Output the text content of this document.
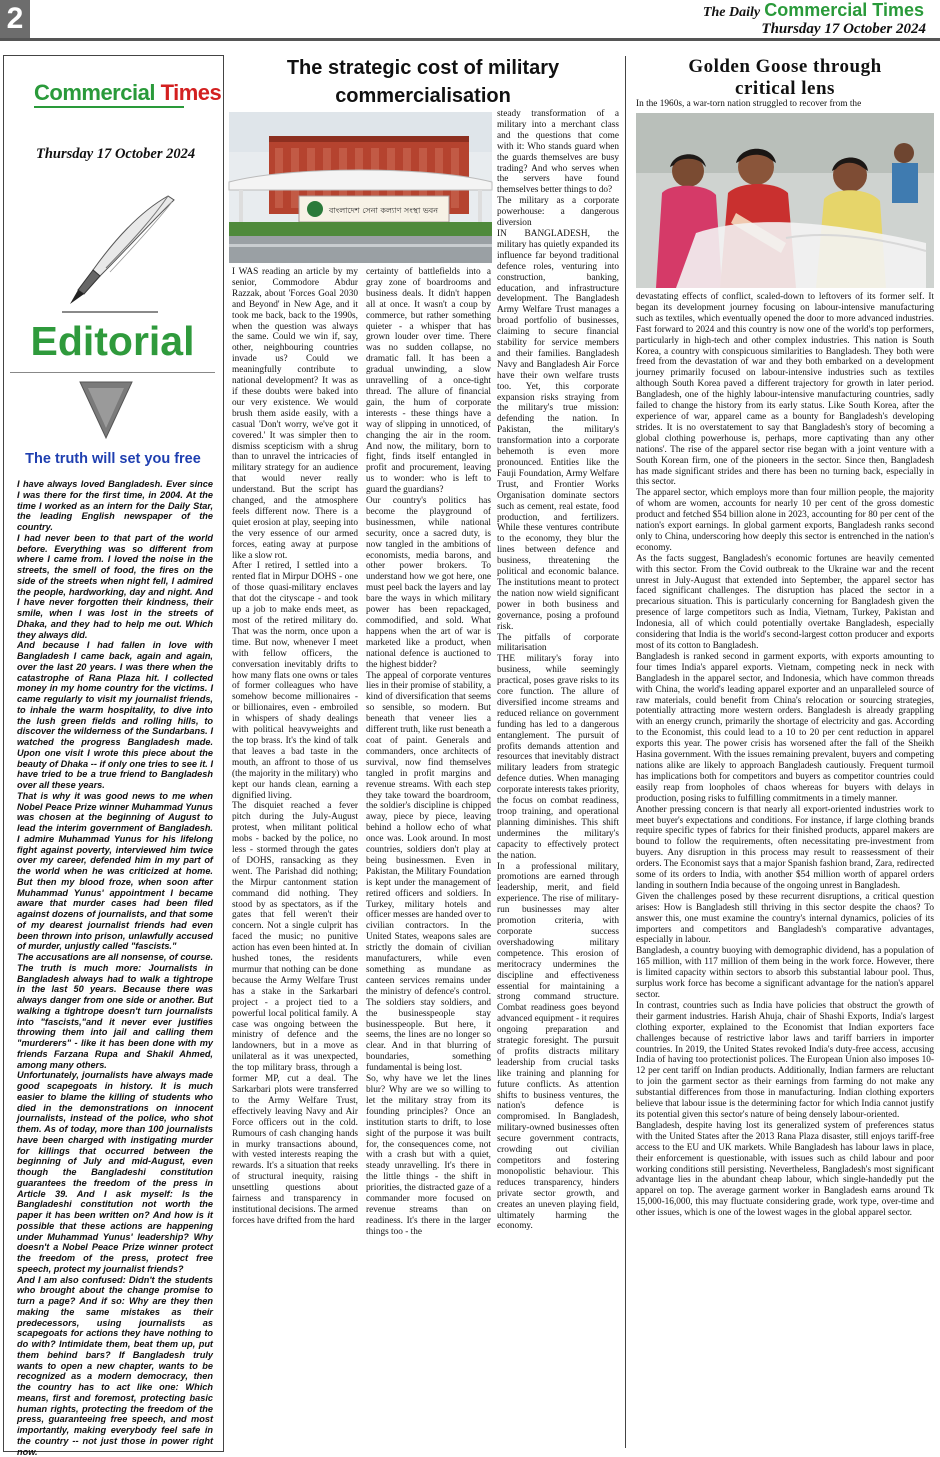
2	The Daily Commercial Times
Thursday 17 October 2024
Commercial Times
Thursday 17 October 2024
Editorial
The truth will set you free
I have always loved Bangladesh. Ever since I was there for the first time, in 2004. At the time I worked as an intern for the Daily Star, the leading English newspaper of the country.
I had never been to that part of the world before. Everything was so different from where I came from. I loved the noise in the streets, the smell of food, the fires on the side of the streets when night fell, I admired the people, hardworking, day and night. And I have never forgotten their kindness, their smile, when I was lost in the streets of Dhaka, and they had to help me out. Which they always did.
And because I had fallen in love with Bangladesh I came back, again and again, over the last 20 years. I was there when the catastrophe of Rana Plaza hit. I collected money in my home country for the victims. I came regularly to visit my journalist friends, to inhale the warm hospitality, to dive into the lush green fields and rolling hills, to discover the wilderness of the Sundarbans. I watched the progress Bangladesh made. Upon one visit I wrote this piece about the beauty of Dhaka -- if only one tries to see it. I have tried to be a true friend to Bangladesh over all these years.
That is why it was good news to me when Nobel Peace Prize winner Muhammad Yunus was chosen at the beginning of August to lead the interim government of Bangladesh. I admire Muhammad Yunus for his lifelong fight against poverty, interviewed him twice over my career, defended him in my part of the world when he was criticized at home. But then my blood froze, when soon after Muhammad Yunus' appointment I became aware that murder cases had been filed against dozens of journalists, and that some of my dearest journalist friends had even been thrown into prison, unlawfully accused of murder, unjustly called "fascists."
The accusations are all nonsense, of course. The truth is much more: Journalists in Bangladesh always had to walk a tightrope in the last 50 years. Because there was always danger from one side or another. But walking a tightrope doesn't turn journalists into "fascists,"and it never ever justifies throwing them into jail and calling them "murderers" - like it has been done with my friends Farzana Rupa and Shakil Ahmed, among many others.
Unfortunately, journalists have always made good scapegoats in history. It is much easier to blame the killing of students who died in the demonstrations on innocent journalists, instead of the police, who shot them. As of today, more than 100 journalists have been charged with instigating murder for killings that occurred between the beginning of July and mid-August, even though the Bangladeshi constitution guarantees the freedom of the press in Article 39. And I ask myself: Is the Bangladeshi constitution not worth the paper it has been written on? And how is it possible that these actions are happening under Muhammad Yunus' leadership? Why doesn't a Nobel Peace Prize winner protect the freedom of the press, protect free speech, protect my journalist friends?
And I am also confused: Didn't the students who brought about the change promise to turn a page? And if so: Why are they then making the same mistakes as their predecessors, using journalists as scapegoats for actions they have nothing to do with? Intimidate them, beat them up, put them behind bars? If Bangladesh truly wants to open a new chapter, wants to be recognized as a modern democracy, then the country has to act like one: Which means, first and foremost, protecting basic human rights, protecting the freedom of the press, guaranteeing free speech, and most importantly, making everybody feel safe in the country -- not just those in power right now.
The strategic cost of military
commercialisation
বাংলাদেশ সেনা কল্যাণ সংস্থা ভবন
I WAS reading an article by my senior, Commodore Abdur Razzak, about 'Forces Goal 2030 and Beyond' in New Age, and it took me back, back to the 1990s, when the question was always the same. Could we win if, say, other, neighbouring countries invade us? Could we meaningfully contribute to national development? It was as if these doubts were baked into our very existence. We would brush them aside easily, with a casual 'Don't worry, we've got it covered.' It was simpler then to dismiss scepticism with a shrug than to unravel the intricacies of military strategy for an audience that would never really understand. But the script has changed, and the atmosphere feels different now. There is a quiet erosion at play, seeping into the very essence of our armed forces, eating away at purpose like a slow rot.
After I retired, I settled into a rented flat in Mirpur DOHS - one of those quasi-military enclaves that dot the cityscape - and took up a job to make ends meet, as most of the retired military do. That was the norm, once upon a time. But now, whenever I meet with fellow officers, the conversation inevitably drifts to how many flats one owns or tales of former colleagues who have somehow become millionaires - or billionaires, even - embroiled in whispers of shady dealings with political heavyweights and the top brass. It's the kind of talk that leaves a bad taste in the mouth, an affront to those of us (the majority in the military) who kept our hands clean, earning a dignified living.
The disquiet reached a fever pitch during the July-August protest, when militant political mobs - backed by the police, no less - stormed through the gates of DOHS, ransacking as they went. The Parishad did nothing; the Mirpur cantonment station command did nothing. They stood by as spectators, as if the gates that fell weren't their concern. Not a single culprit has faced the music; no punitive action has even been hinted at. In hushed tones, the residents murmur that nothing can be done because the Army Welfare Trust has a stake in the Sarkarbari project - a project tied to a powerful local political family. A case was ongoing between the ministry of defence and the landowners, but in a move as unilateral as it was unexpected, the top military brass, through a former MP, cut a deal. The Sarkarbari plots were transferred to the Army Welfare Trust, effectively leaving Navy and Air Force officers out in the cold. Rumours of cash changing hands in murky transactions abound, with vested interests reaping the rewards. It's a situation that reeks of structural inequity, raising unsettling questions about fairness and transparency in institutional decisions. The armed forces have drifted from the hard
certainty of battlefields into a gray zone of boardrooms and business deals. It didn't happen all at once. It wasn't a coup by commerce, but rather something quieter - a whisper that has grown louder over time. There was no sudden collapse, no dramatic fall. It has been a gradual unwinding, a slow unravelling of a once-tight thread. The allure of financial gain, the hum of corporate interests - these things have a way of slipping in unnoticed, of changing the air in the room. And now, the military, born to fight, finds itself entangled in profit and procurement, leaving us to wonder: who is left to guard the guardians?
Our country's politics has become the playground of businessmen, while national security, once a sacred duty, is now tangled in the ambitions of economists, media barons, and other power brokers. To understand how we got here, one must peel back the layers and lay bare the ways in which military power has been repackaged, commodified, and sold. What happens when the art of war is marketed like a product, when national defence is auctioned to the highest bidder?
The appeal of corporate ventures lies in their promise of stability, a kind of diversification that seems so sensible, so modern. But beneath that veneer lies a different truth, like rust beneath a coat of paint. Generals and commanders, once architects of survival, now find themselves tangled in profit margins and revenue streams. With each step they take toward the boardroom, the soldier's discipline is chipped away, piece by piece, leaving behind a hollow echo of what once was. Look around. In most countries, soldiers don't play at being businessmen. Even in Pakistan, the Military Foundation is kept under the management of retired officers and soldiers. In Turkey, military hotels and officer messes are handed over to civilian contractors. In the United States, weapons sales are strictly the domain of civilian manufacturers, while even something as mundane as canteen services remains under the ministry of defence's control. The soldiers stay soldiers, and the businesspeople stay businesspeople. But here, it seems, the lines are no longer so clear. And in that blurring of boundaries, something fundamental is being lost.
So, why have we let the lines blur? Why are we so willing to let the military stray from its founding principles? Once an institution starts to drift, to lose sight of the purpose it was built for, the consequences come, not with a crash but with a quiet, steady unravelling. It's there in the little things - the shift in priorities, the distracted gaze of a commander more focused on revenue streams than on readiness. It's there in the larger things too - the
steady transformation of a military into a merchant class and the questions that come with it: Who stands guard when the guards themselves are busy trading? And who serves when the servers have found themselves better things to do?
The military as a corporate powerhouse: a dangerous diversion
IN BANGLADESH, the military has quietly expanded its influence far beyond traditional defence roles, venturing into construction, banking, education, and infrastructure development. The Bangladesh Army Welfare Trust manages a broad portfolio of businesses, claiming to secure financial stability for service members and their families. Bangladesh Navy and Bangladesh Air Force have their own welfare trusts too. Yet, this corporate expansion risks straying from the military's true mission: defending the nation. In Pakistan, the military's transformation into a corporate behemoth is even more pronounced. Entities like the Fauji Foundation, Army Welfare Trust, and Frontier Works Organisation dominate sectors such as cement, real estate, food production, and fertilizers. While these ventures contribute to the economy, they blur the lines between defence and business, threatening the political and economic balance. The institutions meant to protect the nation now wield significant power in both business and governance, posing a profound risk.
The pitfalls of corporate militarisation
THE military's foray into business, while seemingly practical, poses grave risks to its core function. The allure of diversified income streams and reduced reliance on government funding has led to a dangerous entanglement. The pursuit of profits demands attention and resources that inevitably distract military leaders from strategic defence duties. When managing corporate interests takes priority, the focus on combat readiness, troop training, and operational planning diminishes. This shift undermines the military's capacity to effectively protect the nation.
In a professional military, promotions are earned through leadership, merit, and field experience. The rise of military-run businesses may alter promotion criteria, with corporate success overshadowing military competence. This erosion of meritocracy undermines the discipline and effectiveness essential for maintaining a strong command structure. Combat readiness goes beyond advanced equipment - it requires ongoing preparation and strategic foresight. The pursuit of profits distracts military leadership from crucial tasks like training and planning for future conflicts. As attention shifts to business ventures, the nation's defence is compromised. In Bangladesh, military-owned businesses often secure government contracts, crowding out civilian competitors and fostering monopolistic behaviour. This reduces transparency, hinders private sector growth, and creates an uneven playing field, ultimately harming the economy.
Golden Goose through
critical lens
In the 1960s, a war-torn nation struggled to recover from the
devastating effects of conflict, scaled-down to leftovers of its former self. It began its development journey focusing on labour-intensive manufacturing such as textiles, which eventually opened the door to more advanced industries. Fast forward to 2024 and this country is now one of the world's top performers, particularly in high-tech and other complex industries. This nation is South Korea, a country with conspicuous similarities to Bangladesh. They both were freed from the devastation of war and they both embarked on a development journey primarily focused on labour-intensive industries such as textiles although South Korea paved a different trajectory for growth in later period. Bangladesh, one of the highly labour-intensive manufacturing countries, sadly failed to change the history from its early status. Like South Korea, after the experience of war, apparel came as a bounty for Bangladesh's developing strides. It is no overstatement to say that Bangladesh's story of becoming a global clothing powerhouse is, perhaps, more captivating than any other nations'. The rise of the apparel sector rise began with a joint venture with a South Korean firm, one of the pioneers in the sector. Since then, Bangladesh has made significant strides and there has been no turning back, especially in this sector.
The apparel sector, which employs more than four million people, the majority of whom are women, accounts for nearly 10 per cent of the gross domestic product and fetched $54 billion alone in 2023, accounting for 80 per cent of the nation's export earnings. In global garment exports, Bangladesh ranks second only to China, underscoring how deeply this sector is entrenched in the nation's economy.
As the facts suggest, Bangladesh's economic fortunes are heavily cemented with this sector. From the Covid outbreak to the Ukraine war and the recent unrest in July-August that extended into September, the apparel sector has faced significant challenges. The disruption has placed the sector in a precarious situation. This is particularly concerning for Bangladesh given the presence of large competitors such as India, Vietnam, Turkey, Pakistan and Indonesia, all of which could potentially overtake Bangladesh, especially considering that India is the world's second-largest cotton producer and exports most of its cotton to Bangladesh.
Bangladesh is ranked second in garment exports, with exports amounting to four times India's apparel exports. Vietnam, competing neck in neck with Bangladesh in the apparel sector, and Indonesia, which have common threads with China, the world's leading apparel exporter and an unparalleled source of raw materials, could benefit from China's relocation or sourcing strategies, potentially attracting more western orders. Bangladesh is already grappling with an energy crunch, primarily the shortage of electricity and gas. According to the Economist, this could lead to a 10 to 20 per cent reduction in apparel exports this year. The power crisis has worsened after the fall of the Sheikh Hasina government. With the issues remaining prevalent, buyers and competing nations alike are likely to approach Bangladesh cautiously. Frequent turmoil has implications both for competitors and buyers as competitor countries could easily reap from loopholes of chaos whereas for buyers with delays in production, posing risks to fulfilling commitments in a timely manner.
Another pressing concern is that nearly all export-oriented industries work to meet buyer's expectations and conditions. For instance, if large clothing brands require specific types of fabrics for their finished products, apparel makers are bound to follow the requirements, often necessitating pre-investment from buyers. Any disruption in this process may result to reassessment of their orders. The Economist says that a major Spanish fashion brand, Zara, redirected some of its orders to India, with another $54 million worth of apparel orders landing in southern India because of the ongoing unrest in Bangladesh.
Given the challenges posed by these recurrent disruptions, a critical question arises: How is Bangladesh still thriving in this sector despite the chaos? To answer this, one must examine the country's internal dynamics, policies of its importers and competitors and Bangladesh's comparative advantages, especially in labour.
Bangladesh, a country buoying with demographic dividend, has a population of 165 million, with 117 million of them being in the work force. However, there is limited capacity within sectors to absorb this substantial labour pool. Thus, surplus work force has become a significant advantage for the nation's apparel sector.
In contrast, countries such as India have policies that obstruct the growth of their garment industries. Harish Ahuja, chair of Shashi Exports, India's largest clothing exporter, explained to the Economist that Indian exporters face challenges because of restrictive labor laws and tariff barriers in importer countries. In 2019, the United States revoked India's duty-free access, accusing India of having too protectionist polices. The European Union also imposes 10-12 per cent tariff on Indian products. Additionally, Indian farmers are reluctant to join the garment sector as their earnings from farming do not make any substantial differences from those in manufacturing. Indian clothing exporters believe that labour issue is the determining factor for which India cannot justify its potential given this sector's nature of being densely labour-oriented.
Bangladesh, despite having lost its generalized system of preferences status with the United States after the 2013 Rana Plaza disaster, still enjoys tariff-free access to the EU and UK markets. While Bangladesh has labour laws in place, their enforcement is questionable, with issues such as child labour and poor working conditions still persisting. Nevertheless, Bangladesh's most significant advantage lies in the abundant cheap labour, which single-handedly put the apparel on top. The average garment worker in Bangladesh earns around Tk 15,000-16,000, this may fluctuate considering grade, work type, over-time and other issues, which is one of the lowest wages in the global apparel sector.
